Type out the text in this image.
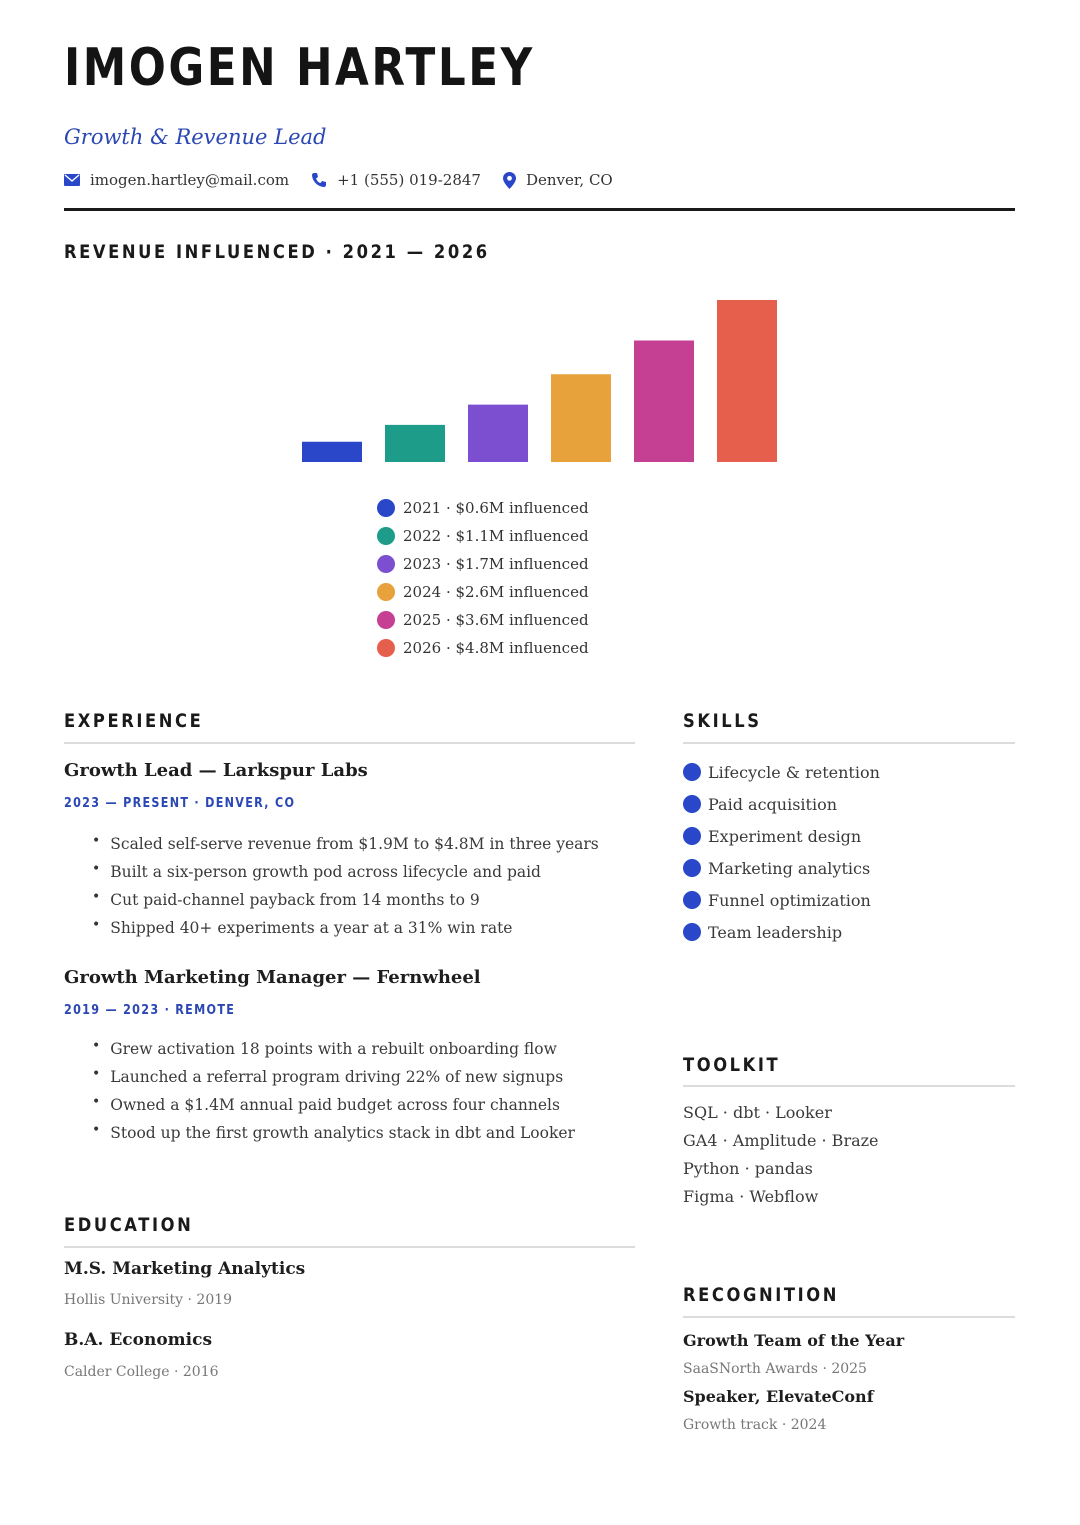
IMOGEN HARTLEY

Growth & Revenue Lead

imogen.hartley@mail.com	+1 (555) 019-2847	Denver, CO
REVENUE INFLUENCED · 2021 — 2026
2021 · $0.6M influenced
2022 · $1.1M influenced
2023 · $1.7M influenced
2024 · $2.6M influenced
2025 · $3.6M influenced
2026 · $4.8M influenced
EXPERIENCE

Growth Lead — Larkspur Labs

2023 — PRESENT · DENVER, CO

• Scaled self-serve revenue from $1.9M to $4.8M in three years
• Built a six-person growth pod across lifecycle and paid
• Cut paid-channel payback from 14 months to 9
• Shipped 40+ experiments a year at a 31% win rate

Growth Marketing Manager — Fernwheel

2019 — 2023 · REMOTE

• Grew activation 18 points with a rebuilt onboarding flow
• Launched a referral program driving 22% of new signups
• Owned a $1.4M annual paid budget across four channels
• Stood up the first growth analytics stack in dbt and Looker
EDUCATION

M.S. Marketing Analytics

Hollis University · 2019

B.A. Economics

Calder College · 2016

SKILLS
Lifecycle & retention
Paid acquisition
Experiment design
Marketing analytics
Funnel optimization
Team leadership
TOOLKIT
SQL · dbt · Looker
GA4 · Amplitude · Braze
Python · pandas
Figma · Webflow
RECOGNITION

Growth Team of the Year

SaaSNorth Awards · 2025

Speaker, ElevateConf

Growth track · 2024
